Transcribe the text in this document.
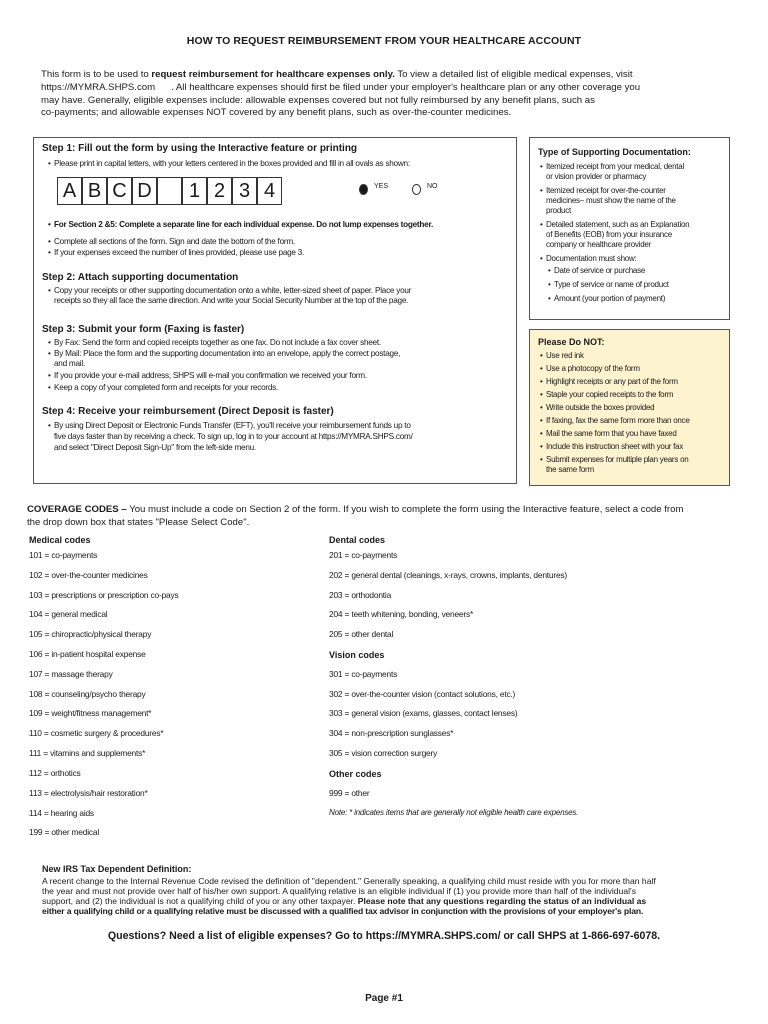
HOW TO REQUEST REIMBURSEMENT FROM YOUR HEALTHCARE ACCOUNT
This form is to be used to request reimbursement for healthcare expenses only. To view a detailed list of eligible medical expenses, visit
https://MYMRA.SHPS.com . All healthcare expenses should first be filed under your employer's healthcare plan or any other coverage you
may have. Generally, eligible expenses include: allowable expenses covered but not fully reimbursed by any benefit plans, such as
co-payments; and allowable expenses NOT covered by any benefit plans, such as over-the-counter medicines.
Step 1: Fill out the form by using the Interactive feature or printing
• Please print in capital letters, with your letters centered in the boxes provided and fill in all ovals as shown:
A B C D	1 2 3 4	YES	NO
• For Section 2 &5: Complete a separate line for each individual expense. Do not lump expenses together.
• Complete all sections of the form. Sign and date the bottom of the form.
• If your expenses exceed the number of lines provided, please use page 3.
Step 2: Attach supporting documentation
• Copy your receipts or other supporting documentation onto a white, letter-sized sheet of paper. Place your
receipts so they all face the same direction. And write your Social Security Number at the top of the page.
Step 3: Submit your form (Faxing is faster)
• By Fax: Send the form and copied receipts together as one fax. Do not include a fax cover sheet.
• By Mail: Place the form and the supporting documentation into an envelope, apply the correct postage,
and mail.
• If you provide your e-mail address, SHPS will e-mail you confirmation we received your form.
• Keep a copy of your completed form and receipts for your records.
Step 4: Receive your reimbursement (Direct Deposit is faster)
• By using Direct Deposit or Electronic Funds Transfer (EFT), you'll receive your reimbursement funds up to
five days faster than by receiving a check. To sign up, log in to your account at https://MYMRA.SHPS.com/
and select "Direct Deposit Sign-Up" from the left-side menu.
Type of Supporting Documentation:
• Itemized receipt from your medical, dental
or vision provider or pharmacy
• Itemized receipt for over-the-counter
medicines– must show the name of the
product
• Detailed statement, such as an Explanation
of Benefits (EOB) from your insurance
company or healthcare provider
• Documentation must show:
• Date of service or purchase
• Type of service or name of product
• Amount (your portion of payment)
Please Do NOT:
• Use red ink
• Use a photocopy of the form
• Highlight receipts or any part of the form
• Staple your copied receipts to the form
• Write outside the boxes provided
• If faxing, fax the same form more than once
• Mail the same form that you have faxed
• Include this instruction sheet with your fax
• Submit expenses for multiple plan years on
the same form
COVERAGE CODES – You must include a code on Section 2 of the form. If you wish to complete the form using the Interactive feature, select a code from
the drop down box that states "Please Select Code".
Medical codes
101 = co-payments
102 = over-the-counter medicines
103 = prescriptions or prescription co-pays
104 = general medical
105 = chiropractic/physical therapy
106 = in-patient hospital expense
107 = massage therapy
108 = counseling/psycho therapy
109 = weight/fitness management*
110 = cosmetic surgery & procedures*
111 = vitamins and supplements*
112 = orthotics
113 = electrolysis/hair restoration*
114 = hearing aids
199 = other medical
Dental codes
201 = co-payments
202 = general dental (cleanings, x-rays, crowns, implants, dentures)
203 = orthodontia
204 = teeth whitening, bonding, veneers*
205 = other dental
Vision codes
301 = co-payments
302 = over-the-counter vision (contact solutions, etc.)
303 = general vision (exams, glasses, contact lenses)
304 = non-prescription sunglasses*
305 = vision correction surgery
Other codes
999 = other
Note: * indicates items that are generally not eligible health care expenses.
New IRS Tax Dependent Definition:
A recent change to the Internal Revenue Code revised the definition of "dependent." Generally speaking, a qualifying child must reside with you for more than half
the year and must not provide over half of his/her own support. A qualifying relative is an eligible individual if (1) you provide more than half of the individual's
support, and (2) the individual is not a qualifying child of you or any other taxpayer. Please note that any questions regarding the status of an individual as
either a qualifying child or a qualifying relative must be discussed with a qualified tax advisor in conjunction with the provisions of your employer's plan.
Questions? Need a list of eligible expenses? Go to https://MYMRA.SHPS.com/ or call SHPS at 1-866-697-6078.
Page #1
